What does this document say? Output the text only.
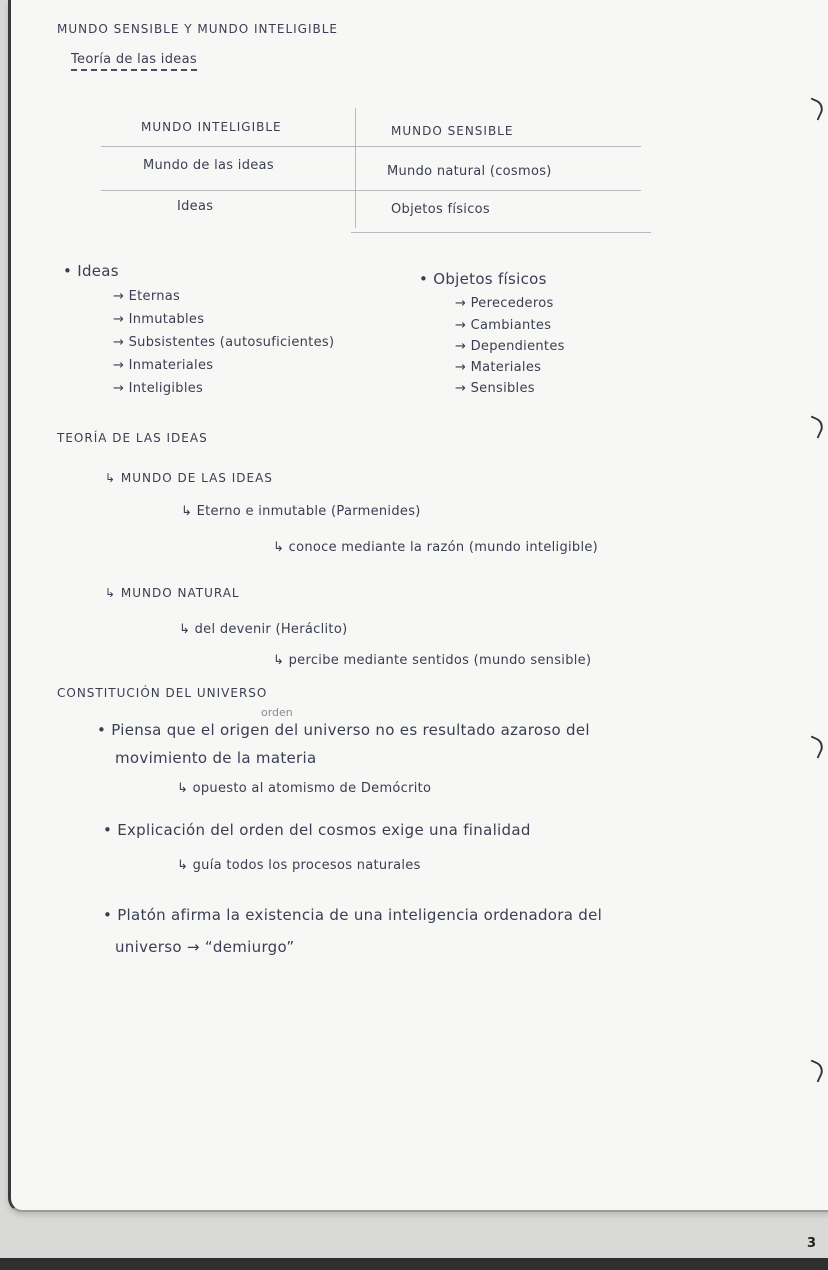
MUNDO SENSIBLE Y MUNDO INTELIGIBLE
Teoría de las ideas
MUNDO INTELIGIBLE	MUNDO SENSIBLE
Mundo de las ideas	Mundo natural (cosmos)
Ideas	Objetos físicos
• Ideas
→ Eternas
→ Inmutables
→ Subsistentes (autosuficientes)
→ Inmateriales
→ Inteligibles
• Objetos físicos
→ Perecederos
→ Cambiantes
→ Dependientes
→ Materiales
→ Sensibles
TEORÍA DE LAS IDEAS
↳ MUNDO DE LAS IDEAS
↳ Eterno e inmutable (Parmenides)
↳ conoce mediante la razón (mundo inteligible)
↳ MUNDO NATURAL
↳ del devenir (Heráclito)
↳ percibe mediante sentidos (mundo sensible)
CONSTITUCIÓN DEL UNIVERSO
orden
• Piensa que el origen del universo no es resultado azaroso del
movimiento de la materia
↳ opuesto al atomismo de Demócrito
• Explicación del orden del cosmos exige una finalidad
↳ guía todos los procesos naturales
• Platón afirma la existencia de una inteligencia ordenadora del
universo → “demiurgo”
3
